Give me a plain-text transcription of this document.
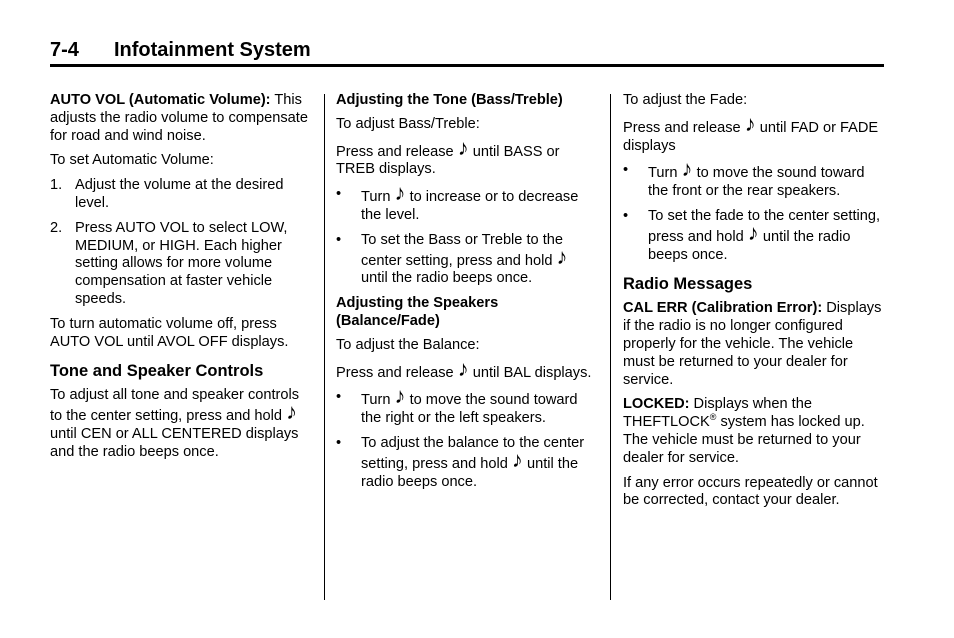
7-4 Infotainment System

AUTO VOL (Automatic Volume): This adjusts the radio volume to compensate for road and wind noise.

To set Automatic Volume:

1. Adjust the volume at the desired level.
2. Press AUTO VOL to select LOW, MEDIUM, or HIGH. Each higher setting allows for more volume compensation at faster vehicle speeds.

To turn automatic volume off, press AUTO VOL until AVOL OFF displays.

Tone and Speaker Controls

To adjust all tone and speaker controls to the center setting, press and hold ♪ until CEN or ALL CENTERED displays and the radio beeps once.

Adjusting the Tone (Bass/Treble)

To adjust Bass/Treble:

Press and release ♪ until BASS or TREB displays.

• Turn ♪ to increase or to decrease the level.
• To set the Bass or Treble to the center setting, press and hold ♪ until the radio beeps once.

Adjusting the Speakers (Balance/Fade)

To adjust the Balance:

Press and release ♪ until BAL displays.

• Turn ♪ to move the sound toward the right or the left speakers.
• To adjust the balance to the center setting, press and hold ♪ until the radio beeps once.

To adjust the Fade:

Press and release ♪ until FAD or FADE displays

• Turn ♪ to move the sound toward the front or the rear speakers.
• To set the fade to the center setting, press and hold ♪ until the radio beeps once.
Radio Messages

CAL ERR (Calibration Error): Displays if the radio is no longer configured properly for the vehicle. The vehicle must be returned to your dealer for service.

LOCKED: Displays when the THEFTLOCK® system has locked up. The vehicle must be returned to your dealer for service.

If any error occurs repeatedly or cannot be corrected, contact your dealer.
